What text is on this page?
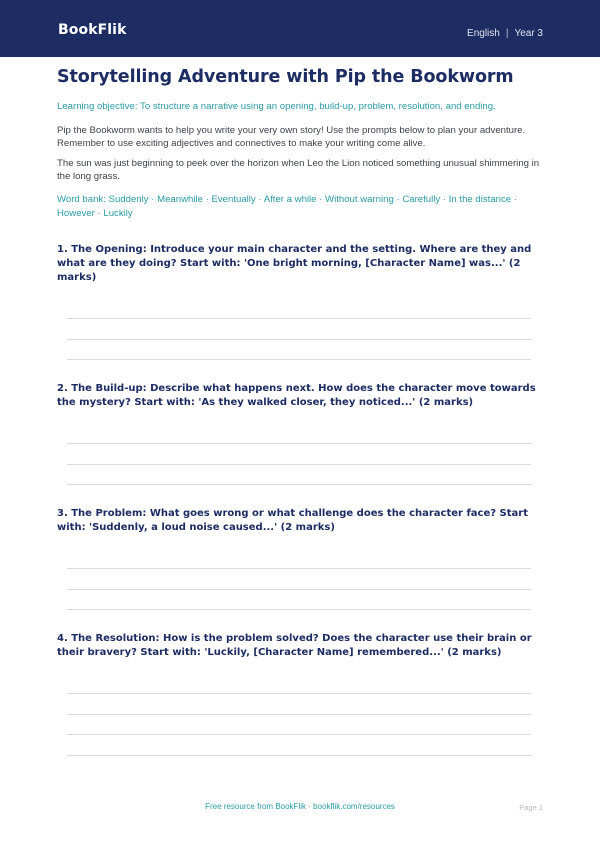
BookFlik	English | Year 3
Storytelling Adventure with Pip the Bookworm

Learning objective: To structure a narrative using an opening, build-up, problem, resolution, and ending.

Pip the Bookworm wants to help you write your very own story! Use the prompts below to plan your adventure. Remember to use exciting adjectives and connectives to make your writing come alive.

The sun was just beginning to peek over the horizon when Leo the Lion noticed something unusual shimmering in the long grass.

Word bank: Suddenly · Meanwhile · Eventually · After a while · Without warning · Carefully · In the distance · However · Luckily

1. The Opening: Introduce your main character and the setting. Where are they and what are they doing? Start with: 'One bright morning, [Character Name] was...' (2 marks)

2. The Build-up: Describe what happens next. How does the character move towards the mystery? Start with: 'As they walked closer, they noticed...' (2 marks)

3. The Problem: What goes wrong or what challenge does the character face? Start with: 'Suddenly, a loud noise caused...' (2 marks)

4. The Resolution: How is the problem solved? Does the character use their brain or their bravery? Start with: 'Luckily, [Character Name] remembered...' (2 marks)

Free resource from BookFlik · bookflik.com/resources	Page 1
